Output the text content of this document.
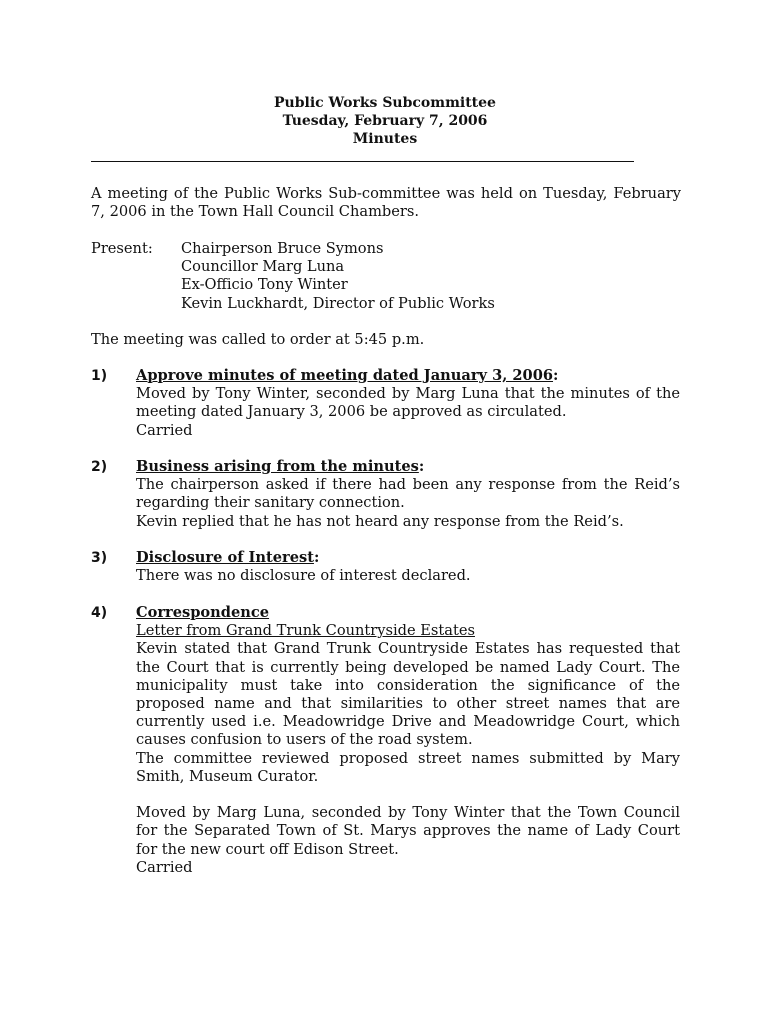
Public Works Subcommittee
Tuesday, February 7, 2006
Minutes

A meeting of the Public Works Sub-committee was held on Tuesday, February 7, 2006 in the Town Hall Council Chambers.

Present: Chairperson Bruce Symons
Councillor Marg Luna
Ex-Officio Tony Winter
Kevin Luckhardt, Director of Public Works
The meeting was called to order at 5:45 p.m.
1) Approve minutes of meeting dated January 3, 2006:

Moved by Tony Winter, seconded by Marg Luna that the minutes of the meeting dated January 3, 2006 be approved as circulated.

Carried
2) Business arising from the minutes:

The chairperson asked if there had been any response from the Reid’s regarding their sanitary connection.

Kevin replied that he has not heard any response from the Reid’s.

3) Disclosure of Interest:

There was no disclosure of interest declared.

4) Correspondence
Letter from Grand Trunk Countryside Estates

Kevin stated that Grand Trunk Countryside Estates has requested that the Court that is currently being developed be named Lady Court. The municipality must take into consideration the significance of the proposed name and that similarities to other street names that are currently used i.e. Meadowridge Drive and Meadowridge Court, which causes confusion to users of the road system.

The committee reviewed proposed street names submitted by Mary Smith, Museum Curator.

Moved by Marg Luna, seconded by Tony Winter that the Town Council for the Separated Town of St. Marys approves the name of Lady Court for the new court off Edison Street.

Carried
